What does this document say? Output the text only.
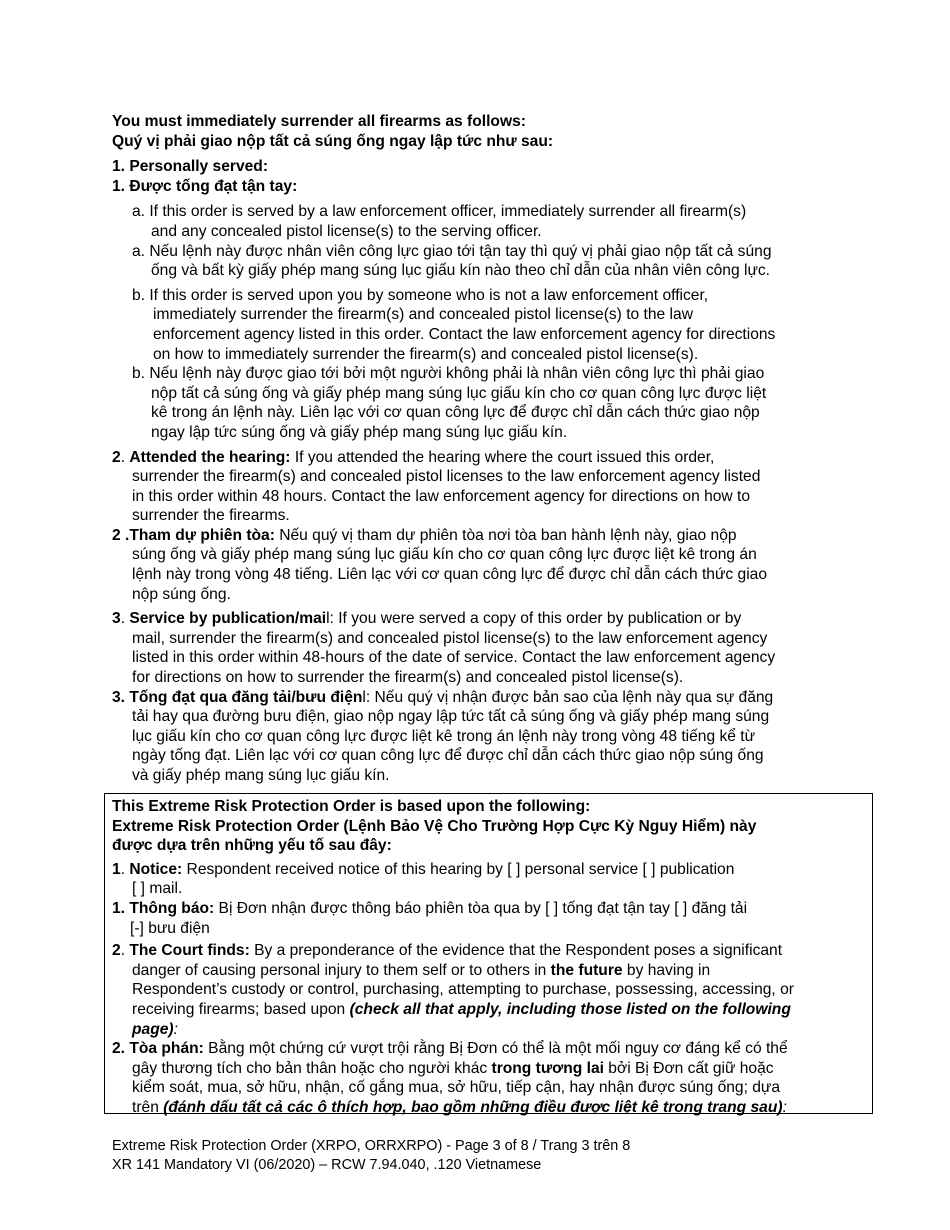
You must immediately surrender all firearms as follows:
Quý vị phải giao nộp tất cả súng ống ngay lập tức như sau:
1. Personally served:
1. Được tống đạt tận tay:
a. If this order is served by a law enforcement officer, immediately surrender all firearm(s)
and any concealed pistol license(s) to the serving officer.
a. Nếu lệnh này được nhân viên công lực giao tới tận tay thì quý vị phải giao nộp tất cả súng
ống và bất kỳ giấy phép mang súng lục giấu kín nào theo chỉ dẫn của nhân viên công lực.
b. If this order is served upon you by someone who is not a law enforcement officer,
immediately surrender the firearm(s) and concealed pistol license(s) to the law
enforcement agency listed in this order. Contact the law enforcement agency for directions
on how to immediately surrender the firearm(s) and concealed pistol license(s).
b. Nếu lệnh này được giao tới bởi một người không phải là nhân viên công lực thì phải giao
nộp tất cả súng ống và giấy phép mang súng lục giấu kín cho cơ quan công lực được liệt
kê trong án lệnh này. Liên lạc với cơ quan công lực để được chỉ dẫn cách thức giao nộp
ngay lập tức súng ống và giấy phép mang súng lục giấu kín.
2. Attended the hearing: If you attended the hearing where the court issued this order,
surrender the firearm(s) and concealed pistol licenses to the law enforcement agency listed
in this order within 48 hours. Contact the law enforcement agency for directions on how to
surrender the firearms.
2 .Tham dự phiên tòa: Nếu quý vị tham dự phiên tòa nơi tòa ban hành lệnh này, giao nộp
súng ống và giấy phép mang súng lục giấu kín cho cơ quan công lực được liệt kê trong án
lệnh này trong vòng 48 tiếng. Liên lạc với cơ quan công lực để được chỉ dẫn cách thức giao
nộp súng ống.
3. Service by publication/mail: If you were served a copy of this order by publication or by
mail, surrender the firearm(s) and concealed pistol license(s) to the law enforcement agency
listed in this order within 48-hours of the date of service. Contact the law enforcement agency
for directions on how to surrender the firearm(s) and concealed pistol license(s).
3. Tống đạt qua đăng tải/bưu điệnl: Nếu quý vị nhận được bản sao của lệnh này qua sự đăng
tải hay qua đường bưu điện, giao nộp ngay lập tức tất cả súng ống và giấy phép mang súng
lục giấu kín cho cơ quan công lực được liệt kê trong án lệnh này trong vòng 48 tiếng kể từ
ngày tống đạt. Liên lạc với cơ quan công lực để được chỉ dẫn cách thức giao nộp súng ống
và giấy phép mang súng lục giấu kín.
This Extreme Risk Protection Order is based upon the following:
Extreme Risk Protection Order (Lệnh Bảo Vệ Cho Trường Hợp Cực Kỳ Nguy Hiểm) này
được dựa trên những yếu tố sau đây:
1. Notice: Respondent received notice of this hearing by [ ] personal service [ ] publication
[ ] mail.
1. Thông báo: Bị Đơn nhận được thông báo phiên tòa qua by [ ] tống đạt tận tay [ ] đăng tải
[-] bưu điện
2. The Court finds: By a preponderance of the evidence that the Respondent poses a significant
danger of causing personal injury to them self or to others in the future by having in
Respondent’s custody or control, purchasing, attempting to purchase, possessing, accessing, or
receiving firearms; based upon (check all that apply, including those listed on the following
page):
2. Tòa phán: Bằng một chứng cứ vượt trội rằng Bị Đơn có thể là một mối nguy cơ đáng kể có thể
gây thương tích cho bản thân hoặc cho người khác trong tương lai bởi Bị Đơn cất giữ hoặc
kiểm soát, mua, sở hữu, nhận, cố gắng mua, sở hữu, tiếp cận, hay nhận được súng ống; dựa
trên (đánh dấu tất cả các ô thích hợp, bao gồm những điều được liệt kê trong trang sau):
Extreme Risk Protection Order (XRPO, ORRXRPO) - Page 3 of 8 / Trang 3 trên 8
XR 141 Mandatory VI (06/2020) – RCW 7.94.040, .120 Vietnamese
